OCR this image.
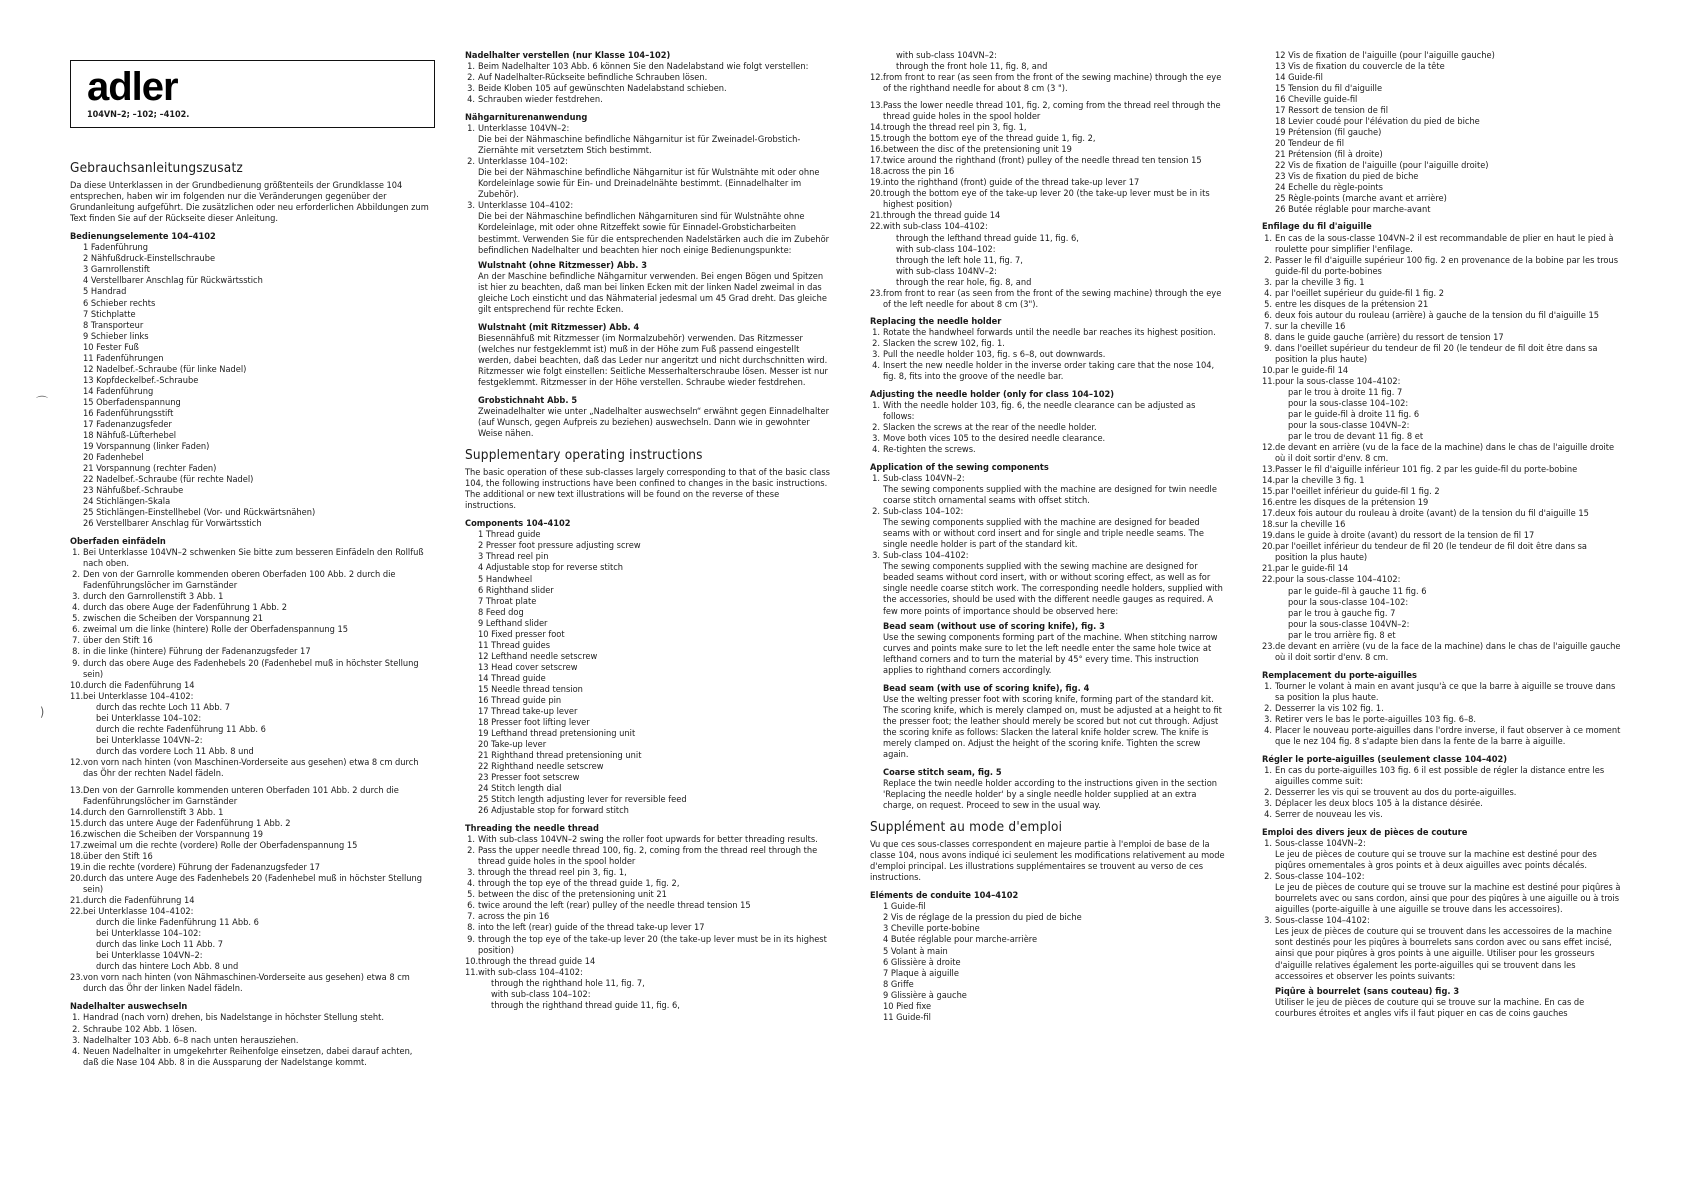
adler
104VN–2; –102; –4102.
Gebrauchsanleitungszusatz

Da diese Unterklassen in der Grundbedienung größtenteils der Grundklasse 104 entsprechen, haben wir im folgenden nur die Veränderungen gegenüber der Grundanleitung aufgeführt. Die zusätzlichen oder neu erforderlichen Abbildungen zum Text finden Sie auf der Rückseite dieser Anleitung.

Bedienungselemente 104–4102
1 Fadenführung
2 Nähfußdruck-Einstellschraube
3 Garnrollenstift
4 Verstellbarer Anschlag für Rückwärtsstich
5 Handrad
6 Schieber rechts
7 Stichplatte
8 Transporteur
9 Schieber links
10 Fester Fuß
11 Fadenführungen
12 Nadelbef.-Schraube (für linke Nadel)
13 Kopfdeckelbef.-Schraube
14 Fadenführung
15 Oberfadenspannung
16 Fadenführungsstift
17 Fadenanzugsfeder
18 Nähfuß-Lüfterhebel
19 Vorspannung (linker Faden)
20 Fadenhebel
21 Vorspannung (rechter Faden)
22 Nadelbef.-Schraube (für rechte Nadel)
23 Nähfußbef.-Schraube
24 Stichlängen-Skala
25 Stichlängen-Einstellhebel (Vor- und Rückwärtsnähen)
26 Verstellbarer Anschlag für Vorwärtsstich
Oberfaden einfädeln
1. Bei Unterklasse 104VN–2 schwenken Sie bitte zum besseren Einfädeln den Rollfuß nach oben.
2. Den von der Garnrolle kommenden oberen Oberfaden 100 Abb. 2 durch die Fadenführungslöcher im Garnständer
3. durch den Garnrollenstift 3 Abb. 1
4. durch das obere Auge der Fadenführung 1 Abb. 2
5. zwischen die Scheiben der Vorspannung 21
6. zweimal um die linke (hintere) Rolle der Oberfadenspannung 15
7. über den Stift 16
8. in die linke (hintere) Führung der Fadenanzugsfeder 17
9. durch das obere Auge des Fadenhebels 20 (Fadenhebel muß in höchster Stellung sein)
10.durch die Fadenführung 14
11.bei Unterklasse 104–4102:
durch das rechte Loch 11 Abb. 7
bei Unterklasse 104–102:
durch die rechte Fadenführung 11 Abb. 6
bei Unterklasse 104VN–2:
durch das vordere Loch 11 Abb. 8 und
12.von vorn nach hinten (von Maschinen-Vorderseite aus gesehen) etwa 8 cm durch das Öhr der rechten Nadel fädeln.
13.Den von der Garnrolle kommenden unteren Oberfaden 101 Abb. 2 durch die Fadenführungslöcher im Garnständer
14.durch den Garnrollenstift 3 Abb. 1
15.durch das untere Auge der Fadenführung 1 Abb. 2
16.zwischen die Scheiben der Vorspannung 19
17.zweimal um die rechte (vordere) Rolle der Oberfadenspannung 15
18.über den Stift 16
19.in die rechte (vordere) Führung der Fadenanzugsfeder 17
20.durch das untere Auge des Fadenhebels 20 (Fadenhebel muß in höchster Stellung sein)
21.durch die Fadenführung 14
22.bei Unterklasse 104–4102:
durch die linke Fadenführung 11 Abb. 6
bei Unterklasse 104–102:
durch das linke Loch 11 Abb. 7
bei Unterklasse 104VN–2:
durch das hintere Loch Abb. 8 und
23.von vorn nach hinten (von Nähmaschinen-Vorderseite aus gesehen) etwa 8 cm durch das Öhr der linken Nadel fädeln.
Nadelhalter auswechseln
1. Handrad (nach vorn) drehen, bis Nadelstange in höchster Stellung steht.
2. Schraube 102 Abb. 1 lösen.
3. Nadelhalter 103 Abb. 6–8 nach unten herausziehen.
4. Neuen Nadelhalter in umgekehrter Reihenfolge einsetzen, dabei darauf achten, daß die Nase 104 Abb. 8 in die Aussparung der Nadelstange kommt.
Nadelhalter verstellen (nur Klasse 104–102)
1. Beim Nadelhalter 103 Abb. 6 können Sie den Nadelabstand wie folgt verstellen:
2. Auf Nadelhalter-Rückseite befindliche Schrauben lösen.
3. Beide Kloben 105 auf gewünschten Nadelabstand schieben.
4. Schrauben wieder festdrehen.
Nähgarniturenanwendung
1. Unterklasse 104VN–2:
Die bei der Nähmaschine befindliche Nähgarnitur ist für Zweinadel-Grobstich-Ziernähte mit versetztem Stich bestimmt.
2. Unterklasse 104–102:
Die bei der Nähmaschine befindliche Nähgarnitur ist für Wulstnähte mit oder ohne Kordeleinlage sowie für Ein- und Dreinadelnähte bestimmt. (Einnadelhalter im Zubehör).
3. Unterklasse 104–4102:
Die bei der Nähmaschine befindlichen Nähgarnituren sind für Wulstnähte ohne Kordeleinlage, mit oder ohne Ritzeffekt sowie für Einnadel-Grobsticharbeiten bestimmt. Verwenden Sie für die entsprechenden Nadelstärken auch die im Zubehör befindlichen Nadelhalter und beachten hier noch einige Bedienungspunkte:
Wulstnaht (ohne Ritzmesser) Abb. 3

An der Maschine befindliche Nähgarnitur verwenden. Bei engen Bögen und Spitzen ist hier zu beachten, daß man bei linken Ecken mit der linken Nadel zweimal in das gleiche Loch einsticht und das Nähmaterial jedesmal um 45 Grad dreht. Das gleiche gilt entsprechend für rechte Ecken.

Wulstnaht (mit Ritzmesser) Abb. 4

Biesennähfuß mit Ritzmesser (im Normalzubehör) verwenden. Das Ritzmesser (welches nur festgeklemmt ist) muß in der Höhe zum Fuß passend eingestellt werden, dabei beachten, daß das Leder nur angeritzt und nicht durchschnitten wird. Ritzmesser wie folgt einstellen: Seitliche Messerhalterschraube lösen. Messer ist nur festgeklemmt. Ritzmesser in der Höhe verstellen. Schraube wieder festdrehen.

Grobstichnaht Abb. 5

Zweinadelhalter wie unter „Nadelhalter auswechseln“ erwähnt gegen Einnadelhalter (auf Wunsch, gegen Aufpreis zu beziehen) auswechseln. Dann wie in gewohnter Weise nähen.

Supplementary operating instructions

The basic operation of these sub-classes largely corresponding to that of the basic class 104, the following instructions have been confined to changes in the basic instructions. The additional or new text illustrations will be found on the reverse of these instructions.

Components 104–4102
1 Thread guide
2 Presser foot pressure adjusting screw
3 Thread reel pin
4 Adjustable stop for reverse stitch
5 Handwheel
6 Righthand slider
7 Throat plate
8 Feed dog
9 Lefthand slider
10 Fixed presser foot
11 Thread guides
12 Lefthand needle setscrew
13 Head cover setscrew
14 Thread guide
15 Needle thread tension
16 Thread guide pin
17 Thread take-up lever
18 Presser foot lifting lever
19 Lefthand thread pretensioning unit
20 Take-up lever
21 Righthand thread pretensioning unit
22 Righthand needle setscrew
23 Presser foot setscrew
24 Stitch length dial
25 Stitch length adjusting lever for reversible feed
26 Adjustable stop for forward stitch
Threading the needle thread
1. With sub-class 104VN–2 swing the roller foot upwards for better threading results.
2. Pass the upper needle thread 100, fig. 2, coming from the thread reel through the thread guide holes in the spool holder
3. through the thread reel pin 3, fig. 1,
4. through the top eye of the thread guide 1, fig. 2,
5. between the disc of the pretensioning unit 21
6. twice around the left (rear) pulley of the needle thread tension 15
7. across the pin 16
8. into the left (rear) guide of the thread take-up lever 17
9. through the top eye of the take-up lever 20 (the take-up lever must be in its highest position)
10.through the thread guide 14
11.with sub-class 104–4102:
through the righthand hole 11, fig. 7,
with sub-class 104–102:
through the righthand thread guide 11, fig. 6,
with sub-class 104VN–2:
through the front hole 11, fig. 8, and
12.from front to rear (as seen from the front of the sewing machine) through the eye of the righthand needle for about 8 cm (3 ").
13.Pass the lower needle thread 101, fig. 2, coming from the thread reel through the thread guide holes in the spool holder
14.trough the thread reel pin 3, fig. 1,
15.trough the bottom eye of the thread guide 1, fig. 2,
16.between the disc of the pretensioning unit 19
17.twice around the righthand (front) pulley of the needle thread ten tension 15
18.across the pin 16
19.into the righthand (front) guide of the thread take-up lever 17
20.trough the bottom eye of the take-up lever 20 (the take-up lever must be in its highest position)
21.through the thread guide 14
22.with sub-class 104–4102:
through the lefthand thread guide 11, fig. 6,
with sub-class 104–102:
through the left hole 11, fig. 7,
with sub-class 104NV–2:
through the rear hole, fig. 8, and
23.from front to rear (as seen from the front of the sewing machine) through the eye of the left needle for about 8 cm (3").
Replacing the needle holder
1. Rotate the handwheel forwards until the needle bar reaches its highest position.
2. Slacken the screw 102, fig. 1.
3. Pull the needle holder 103, fig. s 6–8, out downwards.
4. Insert the new needle holder in the inverse order taking care that the nose 104, fig. 8, fits into the groove of the needle bar.
Adjusting the needle holder (only for class 104–102)
1. With the needle holder 103, fig. 6, the needle clearance can be adjusted as follows:
2. Slacken the screws at the rear of the needle holder.
3. Move both vices 105 to the desired needle clearance.
4. Re-tighten the screws.
Application of the sewing components
1. Sub-class 104VN–2:
The sewing components supplied with the machine are designed for twin needle coarse stitch ornamental seams with offset stitch.
2. Sub-class 104–102:
The sewing components supplied with the machine are designed for beaded seams with or without cord insert and for single and triple needle seams. The single needle holder is part of the standard kit.
3. Sub-class 104–4102:
The sewing components supplied with the sewing machine are designed for beaded seams without cord insert, with or without scoring effect, as well as for single needle coarse stitch work. The corresponding needle holders, supplied with the accessories, should be used with the different needle gauges as required. A few more points of importance should be observed here:
Bead seam (without use of scoring knife), fig. 3

Use the sewing components forming part of the machine. When stitching narrow curves and points make sure to let the left needle enter the same hole twice at lefthand corners and to turn the material by 45° every time. This instruction applies to righthand corners accordingly.

Bead seam (with use of scoring knife), fig. 4

Use the welting presser foot with scoring knife, forming part of the standard kit. The scoring knife, which is merely clamped on, must be adjusted at a height to fit the presser foot; the leather should merely be scored but not cut through. Adjust the scoring knife as follows: Slacken the lateral knife holder screw. The knife is merely clamped on. Adjust the height of the scoring knife. Tighten the screw again.

Coarse stitch seam, fig. 5

Replace the twin needle holder according to the instructions given in the section 'Replacing the needle holder' by a single needle holder supplied at an extra charge, on request. Proceed to sew in the usual way.

Supplément au mode d'emploi

Vu que ces sous-classes correspondent en majeure partie à l'emploi de base de la classe 104, nous avons indiqué ici seulement les modifications relativement au mode d'emploi principal. Les illustrations supplémentaires se trouvent au verso de ces instructions.

Eléments de conduite 104–4102
1 Guide-fil
2 Vis de réglage de la pression du pied de biche
3 Cheville porte-bobine
4 Butée réglable pour marche-arrière
5 Volant à main
6 Glissière à droite
7 Plaque à aiguille
8 Griffe
9 Glissière à gauche
10 Pied fixe
11 Guide-fil
12 Vis de fixation de l'aiguille (pour l'aiguille gauche)
13 Vis de fixation du couvercle de la tête
14 Guide-fil
15 Tension du fil d'aiguille
16 Cheville guide-fil
17 Ressort de tension de fil
18 Levier coudé pour l'élévation du pied de biche
19 Prétension (fil gauche)
20 Tendeur de fil
21 Prétension (fil à droite)
22 Vis de fixation de l'aiguille (pour l'aiguille droite)
23 Vis de fixation du pied de biche
24 Echelle du règle-points
25 Règle-points (marche avant et arrière)
26 Butée réglable pour marche-avant
Enfilage du fil d'aiguille
1. En cas de la sous-classe 104VN–2 il est recommandable de plier en haut le pied à roulette pour simplifier l'enfilage.
2. Passer le fil d'aiguille supérieur 100 fig. 2 en provenance de la bobine par les trous guide-fil du porte-bobines
3. par la cheville 3 fig. 1
4. par l'oeillet supérieur du guide-fil 1 fig. 2
5. entre les disques de la prétension 21
6. deux fois autour du rouleau (arrière) à gauche de la tension du fil d'aiguille 15
7. sur la cheville 16
8. dans le guide gauche (arrière) du ressort de tension 17
9. dans l'oeillet supérieur du tendeur de fil 20 (le tendeur de fil doit être dans sa position la plus haute)
10.par le guide-fil 14
11.pour la sous-classe 104–4102:
par le trou à droite 11 fig. 7
pour la sous-classe 104–102:
par le guide-fil à droite 11 fig. 6
pour la sous-classe 104VN–2:
par le trou de devant 11 fig. 8 et
12.de devant en arrière (vu de la face de la machine) dans le chas de l'aiguille droite où il doit sortir d'env. 8 cm.
13.Passer le fil d'aiguille inférieur 101 fig. 2 par les guide-fil du porte-bobine
14.par la cheville 3 fig. 1
15.par l'oeillet inférieur du guide-fil 1 fig. 2
16.entre les disques de la prétension 19
17.deux fois autour du rouleau à droite (avant) de la tension du fil d'aiguille 15
18.sur la cheville 16
19.dans le guide à droite (avant) du ressort de la tension de fil 17
20.par l'oeillet inférieur du tendeur de fil 20 (le tendeur de fil doit être dans sa position la plus haute)
21.par le guide-fil 14
22.pour la sous-classe 104–4102:
par le guide–fil à gauche 11 fig. 6
pour la sous-classe 104–102:
par le trou à gauche fig. 7
pour la sous-classe 104VN–2:
par le trou arrière fig. 8 et
23.de devant en arrière (vu de la face de la machine) dans le chas de l'aiguille gauche où il doit sortir d'env. 8 cm.
Remplacement du porte-aiguilles
1. Tourner le volant à main en avant jusqu'à ce que la barre à aiguille se trouve dans sa position la plus haute.
2. Desserrer la vis 102 fig. 1.
3. Retirer vers le bas le porte-aiguilles 103 fig. 6–8.
4. Placer le nouveau porte-aiguilles dans l'ordre inverse, il faut observer à ce moment que le nez 104 fig. 8 s'adapte bien dans la fente de la barre à aiguille.
Régler le porte-aiguilles (seulement classe 104–402)
1. En cas du porte-aiguilles 103 fig. 6 il est possible de régler la distance entre les aiguilles comme suit:
2. Desserrer les vis qui se trouvent au dos du porte-aiguilles.
3. Déplacer les deux blocs 105 à la distance désirée.
4. Serrer de nouveau les vis.
Emploi des divers jeux de pièces de couture
1. Sous-classe 104VN–2:
Le jeu de pièces de couture qui se trouve sur la machine est destiné pour des piqûres ornementales à gros points et à deux aiguilles avec points décalés.
2. Sous-classe 104–102:
Le jeu de pièces de couture qui se trouve sur la machine est destiné pour piqûres à bourrelets avec ou sans cordon, ainsi que pour des piqûres à une aiguille ou à trois aiguilles (porte-aiguille à une aiguille se trouve dans les accessoires).
3. Sous-classe 104–4102:
Les jeux de pièces de couture qui se trouvent dans les accessoires de la machine sont destinés pour les piqûres à bourrelets sans cordon avec ou sans effet incisé, ainsi que pour piqûres à gros points à une aiguille. Utiliser pour les grosseurs d'aiguille relatives également les porte-aiguilles qui se trouvent dans les accessoires et observer les points suivants:
Piqûre à bourrelet (sans couteau) fig. 3

Utiliser le jeu de pièces de couture qui se trouve sur la machine. En cas de courbures étroites et angles vifs il faut piquer en cas de coins gauches

⌒
)
